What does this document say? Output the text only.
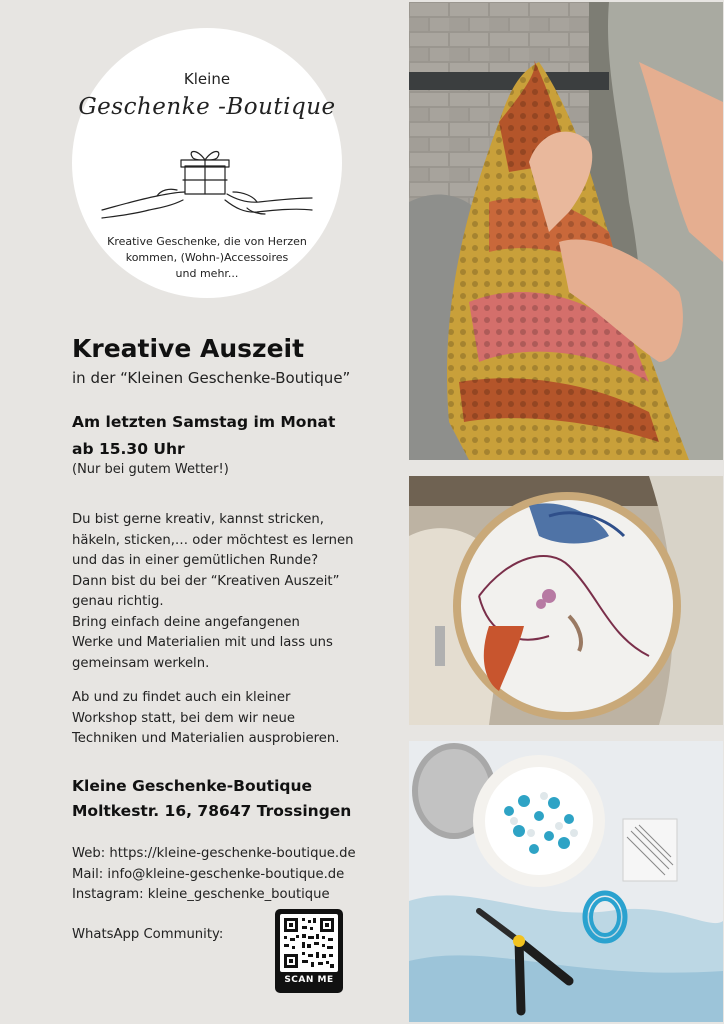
Kleine
Geschenke -Boutique
Kreative Geschenke, die von Herzen
kommen, (Wohn-)Accessoires
und mehr...
Kreative Auszeit
in der “Kleinen Geschenke-Boutique”
Am letzten Samstag im Monat
ab 15.30 Uhr
(Nur bei gutem Wetter!)
Du bist gerne kreativ, kannst stricken,
häkeln, sticken,… oder möchtest es lernen
und das in einer gemütlichen Runde?
Dann bist du bei der “Kreativen Auszeit”
genau richtig.
Bring einfach deine angefangenen
Werke und Materialien mit und lass uns
gemeinsam werkeln.
Ab und zu findet auch ein kleiner
Workshop statt, bei dem wir neue
Techniken und Materialien ausprobieren.
Kleine Geschenke-Boutique
Moltkestr. 16, 78647 Trossingen
Web: https://kleine-geschenke-boutique.de
Mail: info@kleine-geschenke-boutique.de
Instagram: kleine_geschenke_boutique
WhatsApp Community:
SCAN ME
